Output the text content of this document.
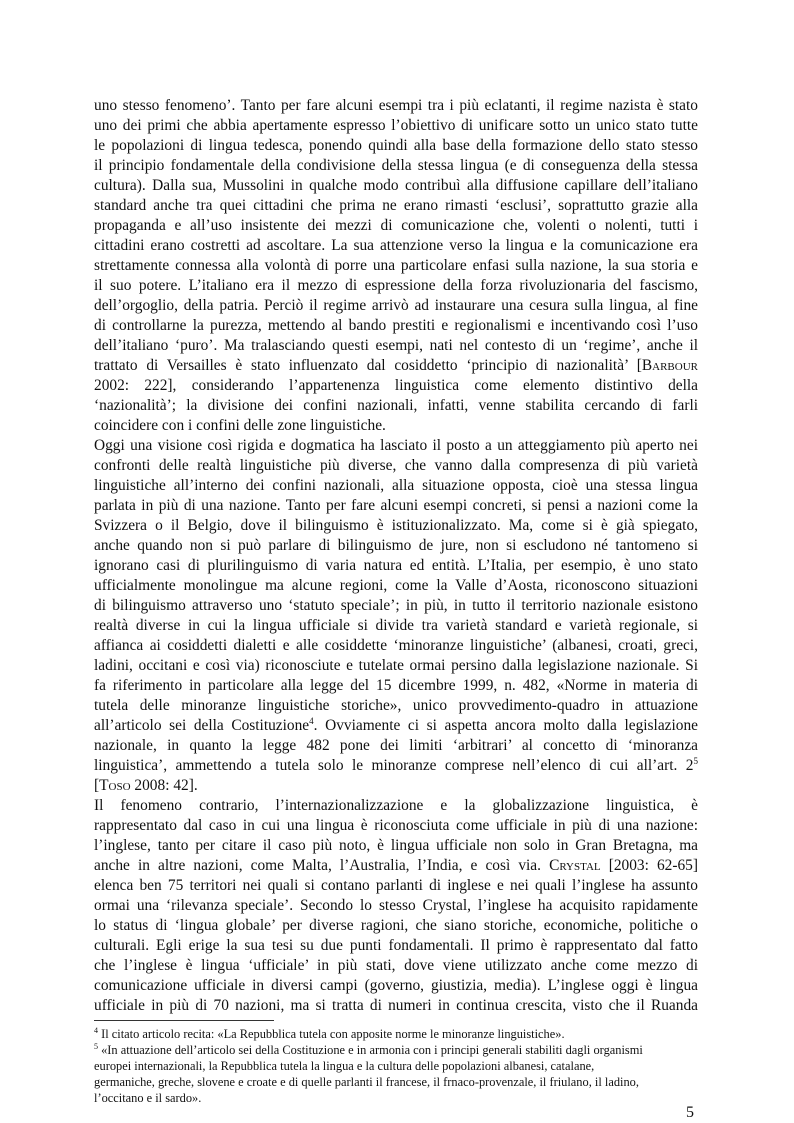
uno stesso fenomeno’. Tanto per fare alcuni esempi tra i più eclatanti, il regime nazista è stato
uno dei primi che abbia apertamente espresso l’obiettivo di unificare sotto un unico stato tutte
le popolazioni di lingua tedesca, ponendo quindi alla base della formazione dello stato stesso
il principio fondamentale della condivisione della stessa lingua (e di conseguenza della stessa
cultura). Dalla sua, Mussolini in qualche modo contribuì alla diffusione capillare dell’italiano
standard anche tra quei cittadini che prima ne erano rimasti ‘esclusi’, soprattutto grazie alla
propaganda e all’uso insistente dei mezzi di comunicazione che, volenti o nolenti, tutti i
cittadini erano costretti ad ascoltare. La sua attenzione verso la lingua e la comunicazione era
strettamente connessa alla volontà di porre una particolare enfasi sulla nazione, la sua storia e
il suo potere. L’italiano era il mezzo di espressione della forza rivoluzionaria del fascismo,
dell’orgoglio, della patria. Perciò il regime arrivò ad instaurare una cesura sulla lingua, al fine
di controllarne la purezza, mettendo al bando prestiti e regionalismi e incentivando così l’uso
dell’italiano ‘puro’. Ma tralasciando questi esempi, nati nel contesto di un ‘regime’, anche il
trattato di Versailles è stato influenzato dal cosiddetto ‘principio di nazionalità’ [Barbour
2002: 222], considerando l’appartenenza linguistica come elemento distintivo della
‘nazionalità’; la divisione dei confini nazionali, infatti, venne stabilita cercando di farli
coincidere con i confini delle zone linguistiche.
Oggi una visione così rigida e dogmatica ha lasciato il posto a un atteggiamento più aperto nei
confronti delle realtà linguistiche più diverse, che vanno dalla compresenza di più varietà
linguistiche all’interno dei confini nazionali, alla situazione opposta, cioè una stessa lingua
parlata in più di una nazione. Tanto per fare alcuni esempi concreti, si pensi a nazioni come la
Svizzera o il Belgio, dove il bilinguismo è istituzionalizzato. Ma, come si è già spiegato,
anche quando non si può parlare di bilinguismo de jure, non si escludono né tantomeno si
ignorano casi di plurilinguismo di varia natura ed entità. L’Italia, per esempio, è uno stato
ufficialmente monolingue ma alcune regioni, come la Valle d’Aosta, riconoscono situazioni
di bilinguismo attraverso uno ‘statuto speciale’; in più, in tutto il territorio nazionale esistono
realtà diverse in cui la lingua ufficiale si divide tra varietà standard e varietà regionale, si
affianca ai cosiddetti dialetti e alle cosiddette ‘minoranze linguistiche’ (albanesi, croati, greci,
ladini, occitani e così via) riconosciute e tutelate ormai persino dalla legislazione nazionale. Si
fa riferimento in particolare alla legge del 15 dicembre 1999, n. 482, «Norme in materia di
tutela delle minoranze linguistiche storiche», unico provvedimento-quadro in attuazione
all’articolo sei della Costituzione$^4$. Ovviamente ci si aspetta ancora molto dalla legislazione
nazionale, in quanto la legge 482 pone dei limiti ‘arbitrari’ al concetto di ‘minoranza
linguistica’, ammettendo a tutela solo le minoranze comprese nell’elenco di cui all’art. $2^5$
[Toso 2008: 42].
Il fenomeno contrario, l’internazionalizzazione e la globalizzazione linguistica, è
rappresentato dal caso in cui una lingua è riconosciuta come ufficiale in più di una nazione:
l’inglese, tanto per citare il caso più noto, è lingua ufficiale non solo in Gran Bretagna, ma
anche in altre nazioni, come Malta, l’Australia, l’India, e così via. Crystal [2003: 62-65]
elenca ben 75 territori nei quali si contano parlanti di inglese e nei quali l’inglese ha assunto
ormai una ‘rilevanza speciale’. Secondo lo stesso Crystal, l’inglese ha acquisito rapidamente
lo status di ‘lingua globale’ per diverse ragioni, che siano storiche, economiche, politiche o
culturali. Egli erige la sua tesi su due punti fondamentali. Il primo è rappresentato dal fatto
che l’inglese è lingua ‘ufficiale’ in più stati, dove viene utilizzato anche come mezzo di
comunicazione ufficiale in diversi campi (governo, giustizia, media). L’inglese oggi è lingua
ufficiale in più di 70 nazioni, ma si tratta di numeri in continua crescita, visto che il Ruanda
$^4$ Il citato articolo recita: «La Repubblica tutela con apposite norme le minoranze linguistiche».
$^5$ «In attuazione dell’articolo sei della Costituzione e in armonia con i principi generali stabiliti dagli organismi
europei internazionali, la Repubblica tutela la lingua e la cultura delle popolazioni albanesi, catalane,
germaniche, greche, slovene e croate e di quelle parlanti il francese, il frnaco-provenzale, il friulano, il ladino,
l’occitano e il sardo».
5
